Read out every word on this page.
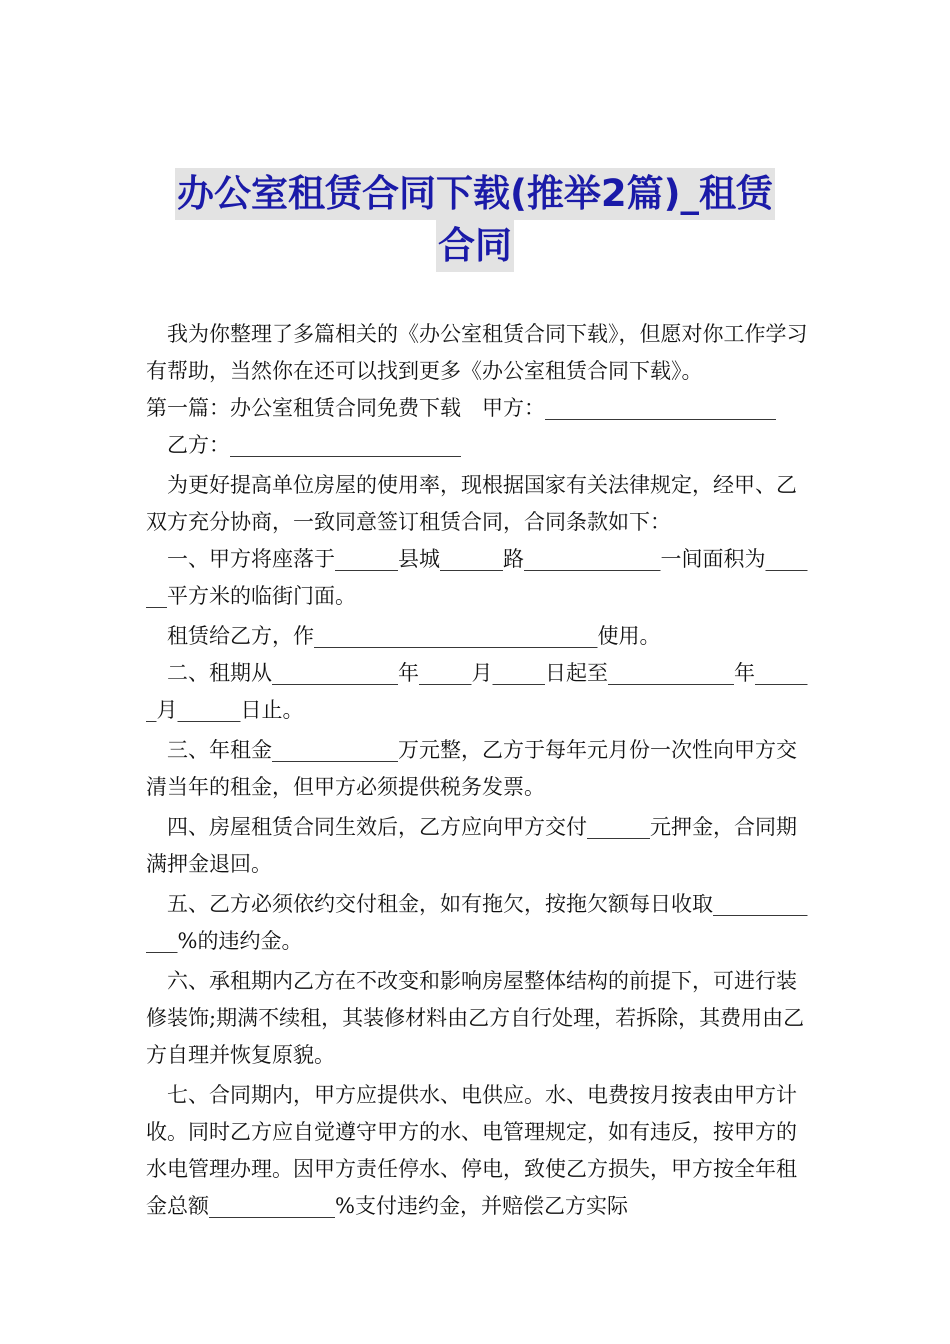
办公室租赁合同下载(推举2篇)_租赁
合同

我为你整理了多篇相关的《办公室租赁合同下载》，但愿对你工作学习有帮助，当然你在还可以找到更多《办公室租赁合同下载》。

第一篇：办公室租赁合同免费下载　甲方：______________________

乙方：______________________

为更好提高单位房屋的使用率，现根据国家有关法律规定，经甲、乙双方充分协商，一致同意签订租赁合同，合同条款如下：

一、甲方将座落于______县城______路_____________一间面积为______平方米的临街门面。

租赁给乙方，作___________________________使用。

二、租期从____________年_____月_____日起至____________年______月______日止。

三、年租金____________万元整，乙方于每年元月份一次性向甲方交清当年的租金，但甲方必须提供税务发票。

四、房屋租赁合同生效后，乙方应向甲方交付______元押金，合同期满押金退回。

五、乙方必须依约交付租金，如有拖欠，按拖欠额每日收取____________%的违约金。

六、承租期内乙方在不改变和影响房屋整体结构的前提下，可进行装修装饰;期满不续租，其装修材料由乙方自行处理，若拆除，其费用由乙方自理并恢复原貌。

七、合同期内，甲方应提供水、电供应。水、电费按月按表由甲方计收。同时乙方应自觉遵守甲方的水、电管理规定，如有违反，按甲方的水电管理办理。因甲方责任停水、停电，致使乙方损失，甲方按全年租金总额____________%支付违约金，并赔偿乙方实际
